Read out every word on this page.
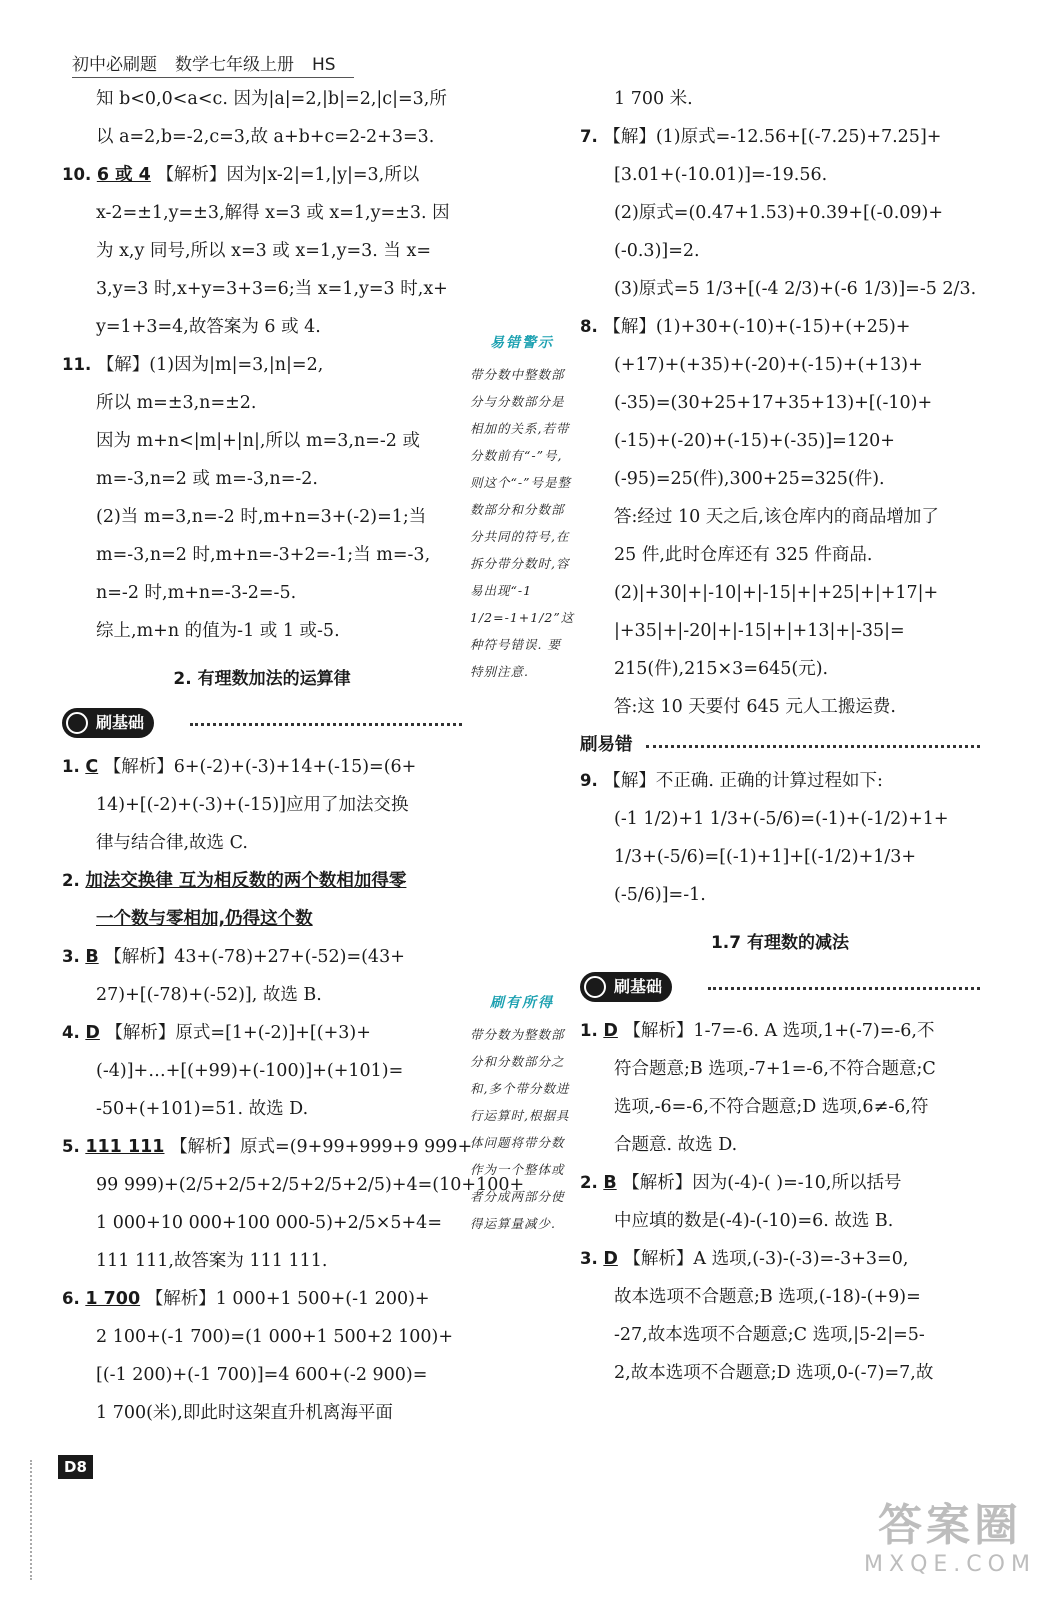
初中必刷题 数学七年级上册 HS
知 b<0,0<a<c. 因为|a|=2,|b|=2,|c|=3,所
以 a=2,b=-2,c=3,故 a+b+c=2-2+3=3.
10. 6 或 4 【解析】因为|x-2|=1,|y|=3,所以
x-2=±1,y=±3,解得 x=3 或 x=1,y=±3. 因
为 x,y 同号,所以 x=3 或 x=1,y=3. 当 x=
3,y=3 时,x+y=3+3=6;当 x=1,y=3 时,x+
y=1+3=4,故答案为 6 或 4.
11. 【解】(1)因为|m|=3,|n|=2,
所以 m=±3,n=±2.
因为 m+n<|m|+|n|,所以 m=3,n=-2 或
m=-3,n=2 或 m=-3,n=-2.
(2)当 m=3,n=-2 时,m+n=3+(-2)=1;当
m=-3,n=2 时,m+n=-3+2=-1;当 m=-3,
n=-2 时,m+n=-3-2=-5.
综上,m+n 的值为-1 或 1 或-5.
2. 有理数加法的运算律
刷基础
1. C 【解析】6+(-2)+(-3)+14+(-15)=(6+
14)+[(-2)+(-3)+(-15)]应用了加法交换
律与结合律,故选 C.
2. 加法交换律 互为相反数的两个数相加得零
一个数与零相加,仍得这个数
3. B 【解析】43+(-78)+27+(-52)=(43+
27)+[(-78)+(-52)], 故选 B.
4. D 【解析】原式=[1+(-2)]+[(+3)+
(-4)]+…+[(+99)+(-100)]+(+101)=
-50+(+101)=51. 故选 D.
5. 111 111 【解析】原式=(9+99+999+9 999+
99 999)+(2/5+2/5+2/5+2/5+2/5)+4=(10+100+
1 000+10 000+100 000-5)+2/5×5+4=
111 111,故答案为 111 111.
6. 1 700 【解析】1 000+1 500+(-1 200)+
2 100+(-1 700)=(1 000+1 500+2 100)+
[(-1 200)+(-1 700)]=4 600+(-2 900)=
1 700(米),即此时这架直升机离海平面
易错警示
带分数中整数部分与分数部分是相加的关系,若带分数前有“-”号,则这个“-”号是整数部分和分数部分共同的符号,在拆分带分数时,容易出现“-1 1/2=-1+1/2”这种符号错误. 要特别注意.
刷有所得
带分数为整数部分和分数部分之和,多个带分数进行运算时,根据具体问题将带分数作为一个整体或者分成两部分使得运算量减少.
1 700 米.
7. 【解】(1)原式=-12.56+[(-7.25)+7.25]+
[3.01+(-10.01)]=-19.56.
(2)原式=(0.47+1.53)+0.39+[(-0.09)+
(-0.3)]=2.
(3)原式=5 1/3+[(-4 2/3)+(-6 1/3)]=-5 2/3.
8. 【解】(1)+30+(-10)+(-15)+(+25)+
(+17)+(+35)+(-20)+(-15)+(+13)+
(-35)=(30+25+17+35+13)+[(-10)+
(-15)+(-20)+(-15)+(-35)]=120+
(-95)=25(件),300+25=325(件).
答:经过 10 天之后,该仓库内的商品增加了
25 件,此时仓库还有 325 件商品.
(2)|+30|+|-10|+|-15|+|+25|+|+17|+
|+35|+|-20|+|-15|+|+13|+|-35|=
215(件),215×3=645(元).
答:这 10 天要付 645 元人工搬运费.
刷易错
9. 【解】不正确. 正确的计算过程如下:
(-1 1/2)+1 1/3+(-5/6)=(-1)+(-1/2)+1+
1/3+(-5/6)=[(-1)+1]+[(-1/2)+1/3+
(-5/6)]=-1.
1.7 有理数的减法
刷基础
1. D 【解析】1-7=-6. A 选项,1+(-7)=-6,不
符合题意;B 选项,-7+1=-6,不符合题意;C
选项,-6=-6,不符合题意;D 选项,6≠-6,符
合题意. 故选 D.
2. B 【解析】因为(-4)-( )=-10,所以括号
中应填的数是(-4)-(-10)=6. 故选 B.
3. D 【解析】A 选项,(-3)-(-3)=-3+3=0,
故本选项不合题意;B 选项,(-18)-(+9)=
-27,故本选项不合题意;C 选项,|5-2|=5-
2,故本选项不合题意;D 选项,0-(-7)=7,故
D8
答案圈
MXQE.COM
